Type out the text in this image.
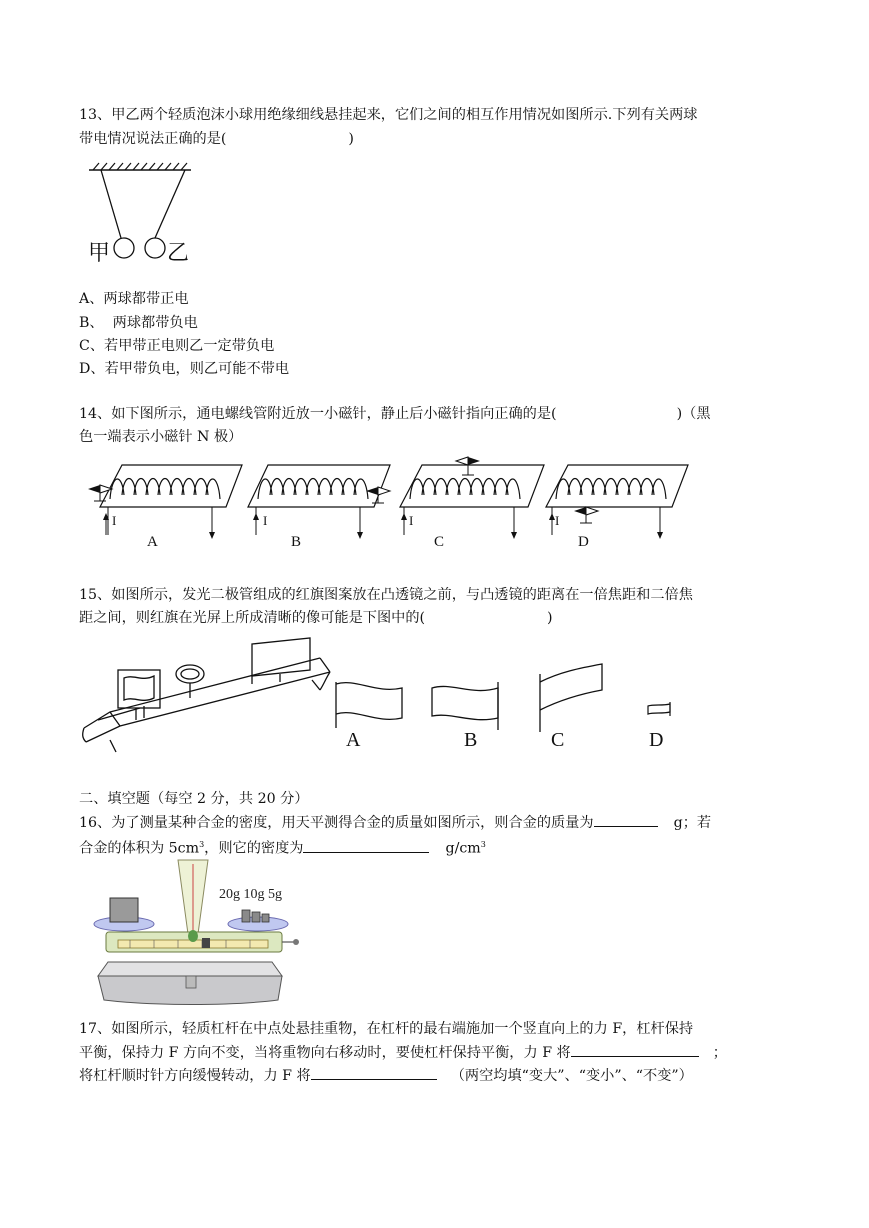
13、甲乙两个轻质泡沫小球用绝缘细线悬挂起来，它们之间的相互作用情况如图所示.下列有关两球
带电情况说法正确的是(	)
甲	乙
A、两球都带正电
B、  两球都带负电
C、若甲带正电则乙一定带负电
D、若甲带负电，则乙可能不带电
14、如下图所示，通电螺线管附近放一小磁针，静止后小磁针指向正确的是(	)（黑
色一端表示小磁针 N 极）
I	I	I	I
A	B	C	D
15、如图所示，发光二极管组成的红旗图案放在凸透镜之前，与凸透镜的距离在一倍焦距和二倍焦
距之间，则红旗在光屏上所成清晰的像可能是下图中的(	)
A	B	C	D
二、填空题（每空 2 分，共 20 分）
16、为了测量某种合金的密度，用天平测得合金的质量如图所示，则合金的质量为	g；若
合金的体积为 $5cm^3$，则它的密度为	$g/cm^3$
20g 10g 5g
17、如图所示，轻质杠杆在中点处悬挂重物，在杠杆的最右端施加一个竖直向上的力 F，杠杆保持
平衡，保持力 F 方向不变，当将重物向右移动时，要使杠杆保持平衡，力 F 将	；
将杠杆顺时针方向缓慢转动，力 F 将	（两空均填“变大”、“变小”、“不变”）
